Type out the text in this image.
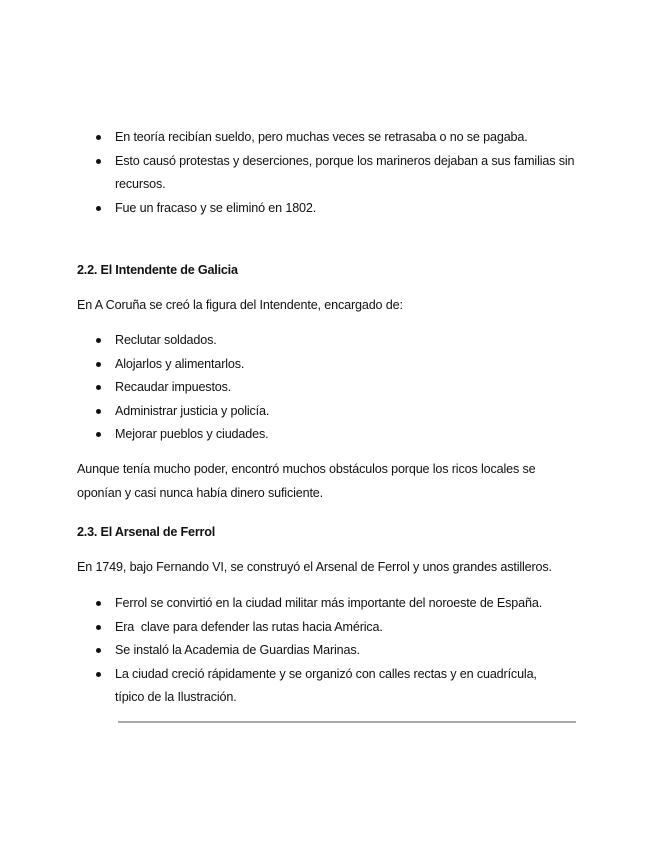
En teoría recibían sueldo, pero muchas veces se retrasaba o no se pagaba.
Esto causó protestas y deserciones, porque los marineros dejaban a sus familias sin recursos.
Fue un fracaso y se eliminó en 1802.
2.2. El Intendente de Galicia
En A Coruña se creó la figura del Intendente, encargado de:
Reclutar soldados.
Alojarlos y alimentarlos.
Recaudar impuestos.
Administrar justicia y policía.
Mejorar pueblos y ciudades.
Aunque tenía mucho poder, encontró muchos obstáculos porque los ricos locales se oponían y casi nunca había dinero suficiente.
2.3. El Arsenal de Ferrol
En 1749, bajo Fernando VI, se construyó el Arsenal de Ferrol y unos grandes astilleros.
Ferrol se convirtió en la ciudad militar más importante del noroeste de España.
Era  clave para defender las rutas hacia América.
Se instaló la Academia de Guardias Marinas.
La ciudad creció rápidamente y se organizó con calles rectas y en cuadrícula, típico de la Ilustración.
